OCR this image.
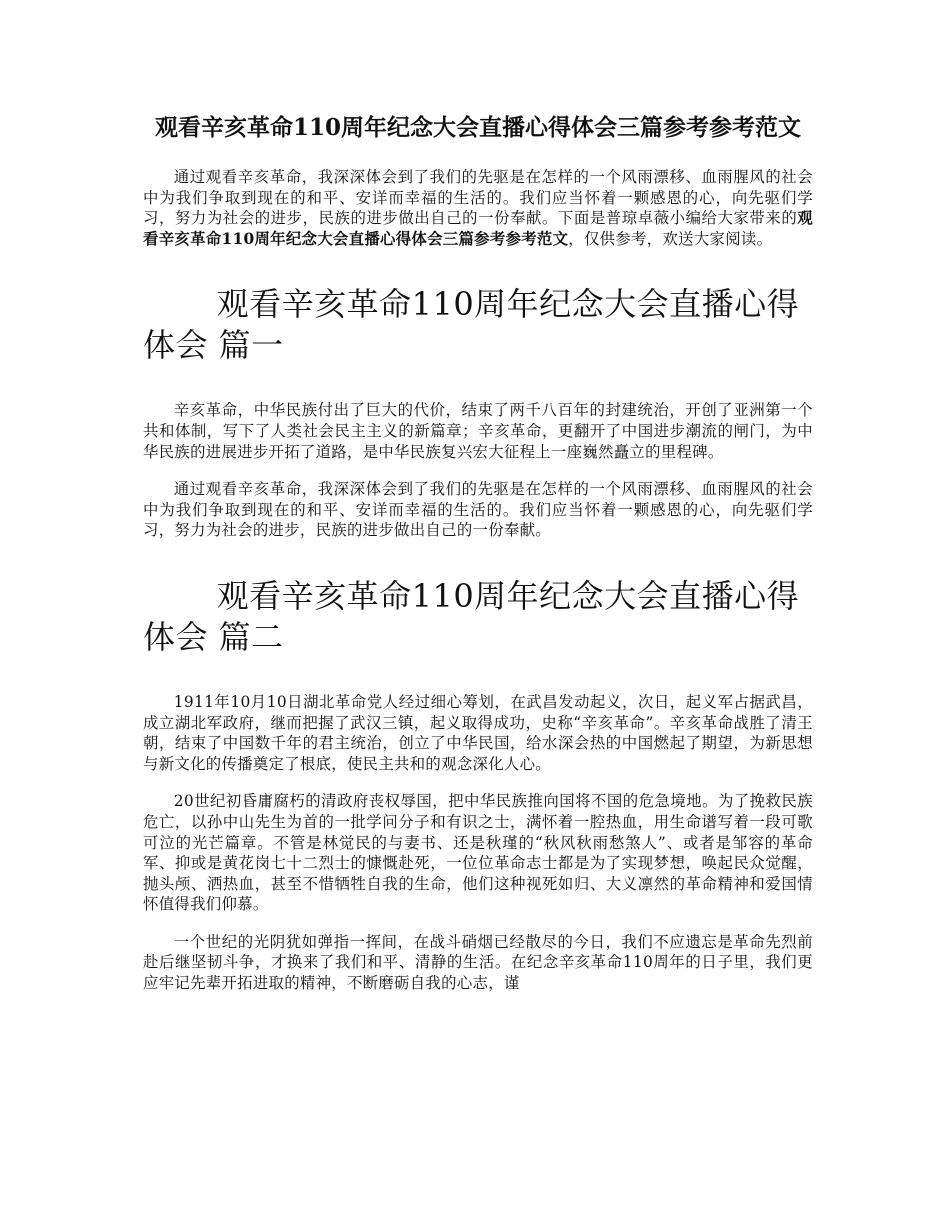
观看辛亥革命110周年纪念大会直播心得体会三篇参考参考范文

通过观看辛亥革命，我深深体会到了我们的先驱是在怎样的一个风雨漂移、血雨腥风的社会中为我们争取到现在的和平、安详而幸福的生活的。我们应当怀着一颗感恩的心，向先驱们学习，努力为社会的进步，民族的进步做出自己的一份奉献。下面是普琼卓薇小编给大家带来的观看辛亥革命110周年纪念大会直播心得体会三篇参考参考范文，仅供参考，欢送大家阅读。

观看辛亥革命110周年纪念大会直播心得体会 篇一

辛亥革命，中华民族付出了巨大的代价，结束了两千八百年的封建统治，开创了亚洲第一个共和体制，写下了人类社会民主主义的新篇章；辛亥革命，更翻开了中国进步潮流的闸门，为中华民族的进展进步开拓了道路，是中华民族复兴宏大征程上一座巍然矗立的里程碑。

通过观看辛亥革命，我深深体会到了我们的先驱是在怎样的一个风雨漂移、血雨腥风的社会中为我们争取到现在的和平、安详而幸福的生活的。我们应当怀着一颗感恩的心，向先驱们学习，努力为社会的进步，民族的进步做出自己的一份奉献。

观看辛亥革命110周年纪念大会直播心得体会 篇二

1911年10月10日湖北革命党人经过细心筹划，在武昌发动起义，次日，起义军占据武昌，成立湖北军政府，继而把握了武汉三镇，起义取得成功，史称“辛亥革命”。辛亥革命战胜了清王朝，结束了中国数千年的君主统治，创立了中华民国，给水深会热的中国燃起了期望，为新思想与新文化的传播奠定了根底，使民主共和的观念深化人心。

20世纪初昏庸腐朽的清政府丧权辱国，把中华民族推向国将不国的危急境地。为了挽救民族危亡，以孙中山先生为首的一批学问分子和有识之士，满怀着一腔热血，用生命谱写着一段可歌可泣的光芒篇章。不管是林觉民的与妻书、还是秋瑾的“秋风秋雨愁煞人”、或者是邹容的革命军、抑或是黄花岗七十二烈士的慷慨赴死，一位位革命志士都是为了实现梦想，唤起民众觉醒，抛头颅、洒热血，甚至不惜牺牲自我的生命，他们这种视死如归、大义凛然的革命精神和爱国情怀值得我们仰慕。

一个世纪的光阴犹如弹指一挥间，在战斗硝烟已经散尽的今日，我们不应遗忘是革命先烈前赴后继坚韧斗争，才换来了我们和平、清静的生活。在纪念辛亥革命110周年的日子里，我们更应牢记先辈开拓进取的精神，不断磨砺自我的心志，谨
